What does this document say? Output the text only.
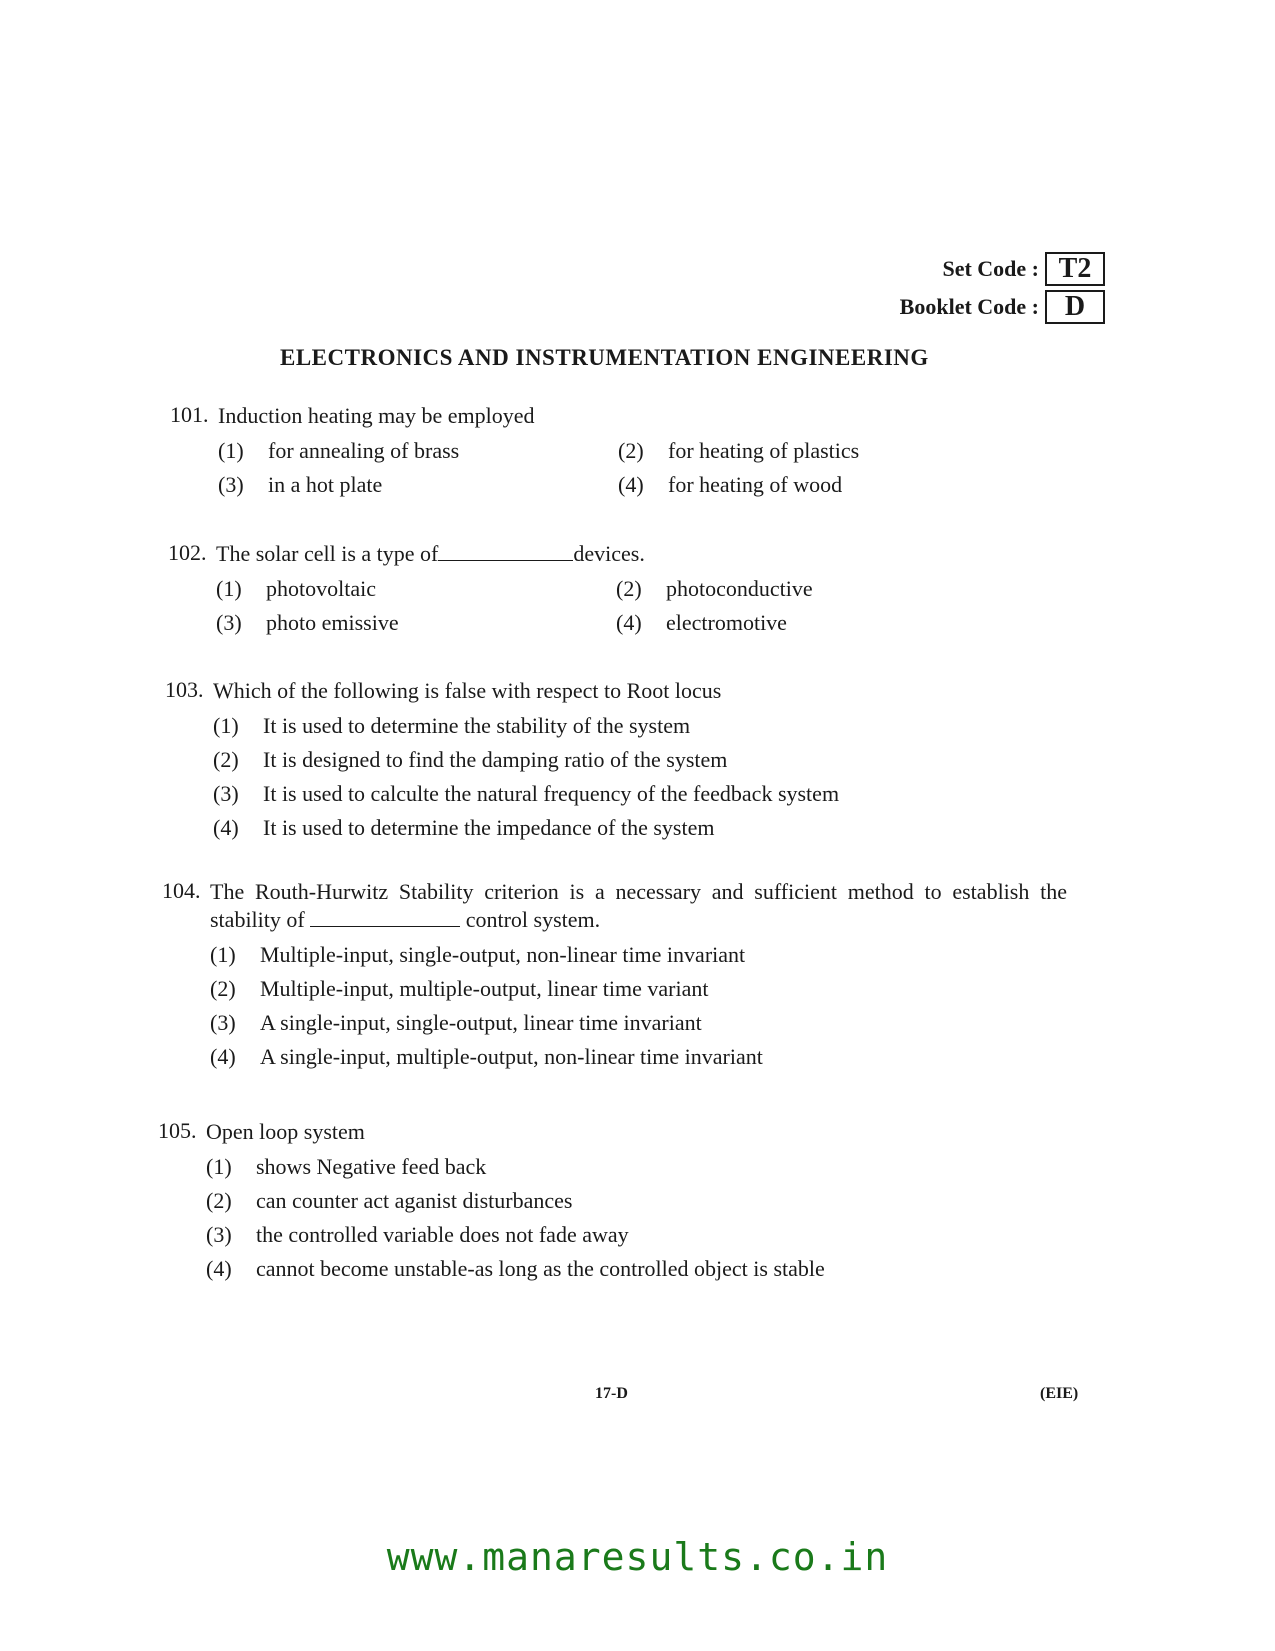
Set Code : T2
Booklet Code : D
ELECTRONICS AND INSTRUMENTATION ENGINEERING
101. Induction heating may be employed
(1)	for annealing of brass	(2)	for heating of plastics
(3)	in a hot plate	(4)	for heating of wood
102. The solar cell is a type of	devices.
(1)	photovoltaic	(2)	photoconductive
(3)	photo emissive	(4)	electromotive
103. Which of the following is false with respect to Root locus
(1)	It is used to determine the stability of the system
(2)	It is designed to find the damping ratio of the system
(3)	It is used to calculte the natural frequency of the feedback system
(4)	It is used to determine the impedance of the system
104. The Routh-Hurwitz Stability criterion is a necessary and sufficient method to establish the stability of	control system.
(1)	Multiple-input, single-output, non-linear time invariant
(2)	Multiple-input, multiple-output, linear time variant
(3)	A single-input, single-output, linear time invariant
(4)	A single-input, multiple-output, non-linear time invariant
105. Open loop system
(1)	shows Negative feed back
(2)	can counter act aganist disturbances
(3)	the controlled variable does not fade away
(4)	cannot become unstable-as long as the controlled object is stable
17-D	(EIE)
www.manaresults.co.in
